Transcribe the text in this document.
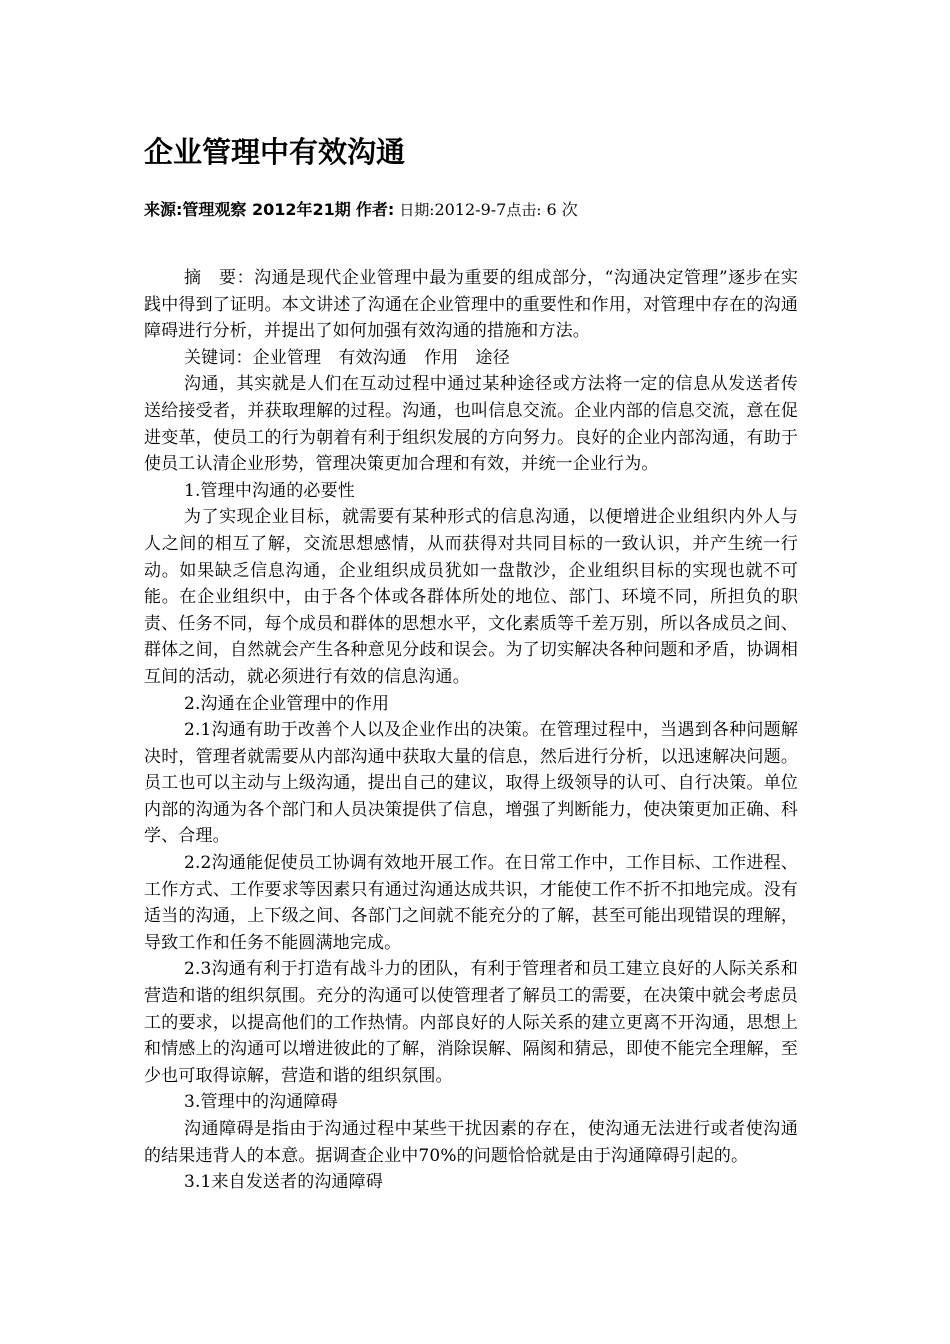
企业管理中有效沟通
来源:管理观察 2012年21期 作者: 日期:2012-9-7点击: 6 次

摘　要：沟通是现代企业管理中最为重要的组成部分，“沟通决定管理”逐步在实践中得到了证明。本文讲述了沟通在企业管理中的重要性和作用，对管理中存在的沟通障碍进行分析，并提出了如何加强有效沟通的措施和方法。

关键词：企业管理　有效沟通　作用　途径

沟通，其实就是人们在互动过程中通过某种途径或方法将一定的信息从发送者传送给接受者，并获取理解的过程。沟通，也叫信息交流。企业内部的信息交流，意在促进变革，使员工的行为朝着有利于组织发展的方向努力。良好的企业内部沟通，有助于使员工认清企业形势，管理决策更加合理和有效，并统一企业行为。

1.管理中沟通的必要性

为了实现企业目标，就需要有某种形式的信息沟通，以便增进企业组织内外人与人之间的相互了解，交流思想感情，从而获得对共同目标的一致认识，并产生统一行动。如果缺乏信息沟通，企业组织成员犹如一盘散沙，企业组织目标的实现也就不可能。在企业组织中，由于各个体或各群体所处的地位、部门、环境不同，所担负的职责、任务不同，每个成员和群体的思想水平，文化素质等千差万别，所以各成员之间、群体之间，自然就会产生各种意见分歧和误会。为了切实解决各种问题和矛盾，协调相互间的活动，就必须进行有效的信息沟通。

2.沟通在企业管理中的作用

2.1沟通有助于改善个人以及企业作出的决策。在管理过程中，当遇到各种问题解决时，管理者就需要从内部沟通中获取大量的信息，然后进行分析，以迅速解决问题。员工也可以主动与上级沟通，提出自己的建议，取得上级领导的认可、自行决策。单位内部的沟通为各个部门和人员决策提供了信息，增强了判断能力，使决策更加正确、科学、合理。

2.2沟通能促使员工协调有效地开展工作。在日常工作中，工作目标、工作进程、工作方式、工作要求等因素只有通过沟通达成共识，才能使工作不折不扣地完成。没有适当的沟通，上下级之间、各部门之间就不能充分的了解，甚至可能出现错误的理解，导致工作和任务不能圆满地完成。

2.3沟通有利于打造有战斗力的团队，有利于管理者和员工建立良好的人际关系和营造和谐的组织氛围。充分的沟通可以使管理者了解员工的需要，在决策中就会考虑员工的要求，以提高他们的工作热情。内部良好的人际关系的建立更离不开沟通，思想上和情感上的沟通可以增进彼此的了解，消除误解、隔阂和猜忌，即使不能完全理解，至少也可取得谅解，营造和谐的组织氛围。

3.管理中的沟通障碍

沟通障碍是指由于沟通过程中某些干扰因素的存在，使沟通无法进行或者使沟通的结果违背人的本意。据调查企业中70%的问题恰恰就是由于沟通障碍引起的。

3.1来自发送者的沟通障碍
